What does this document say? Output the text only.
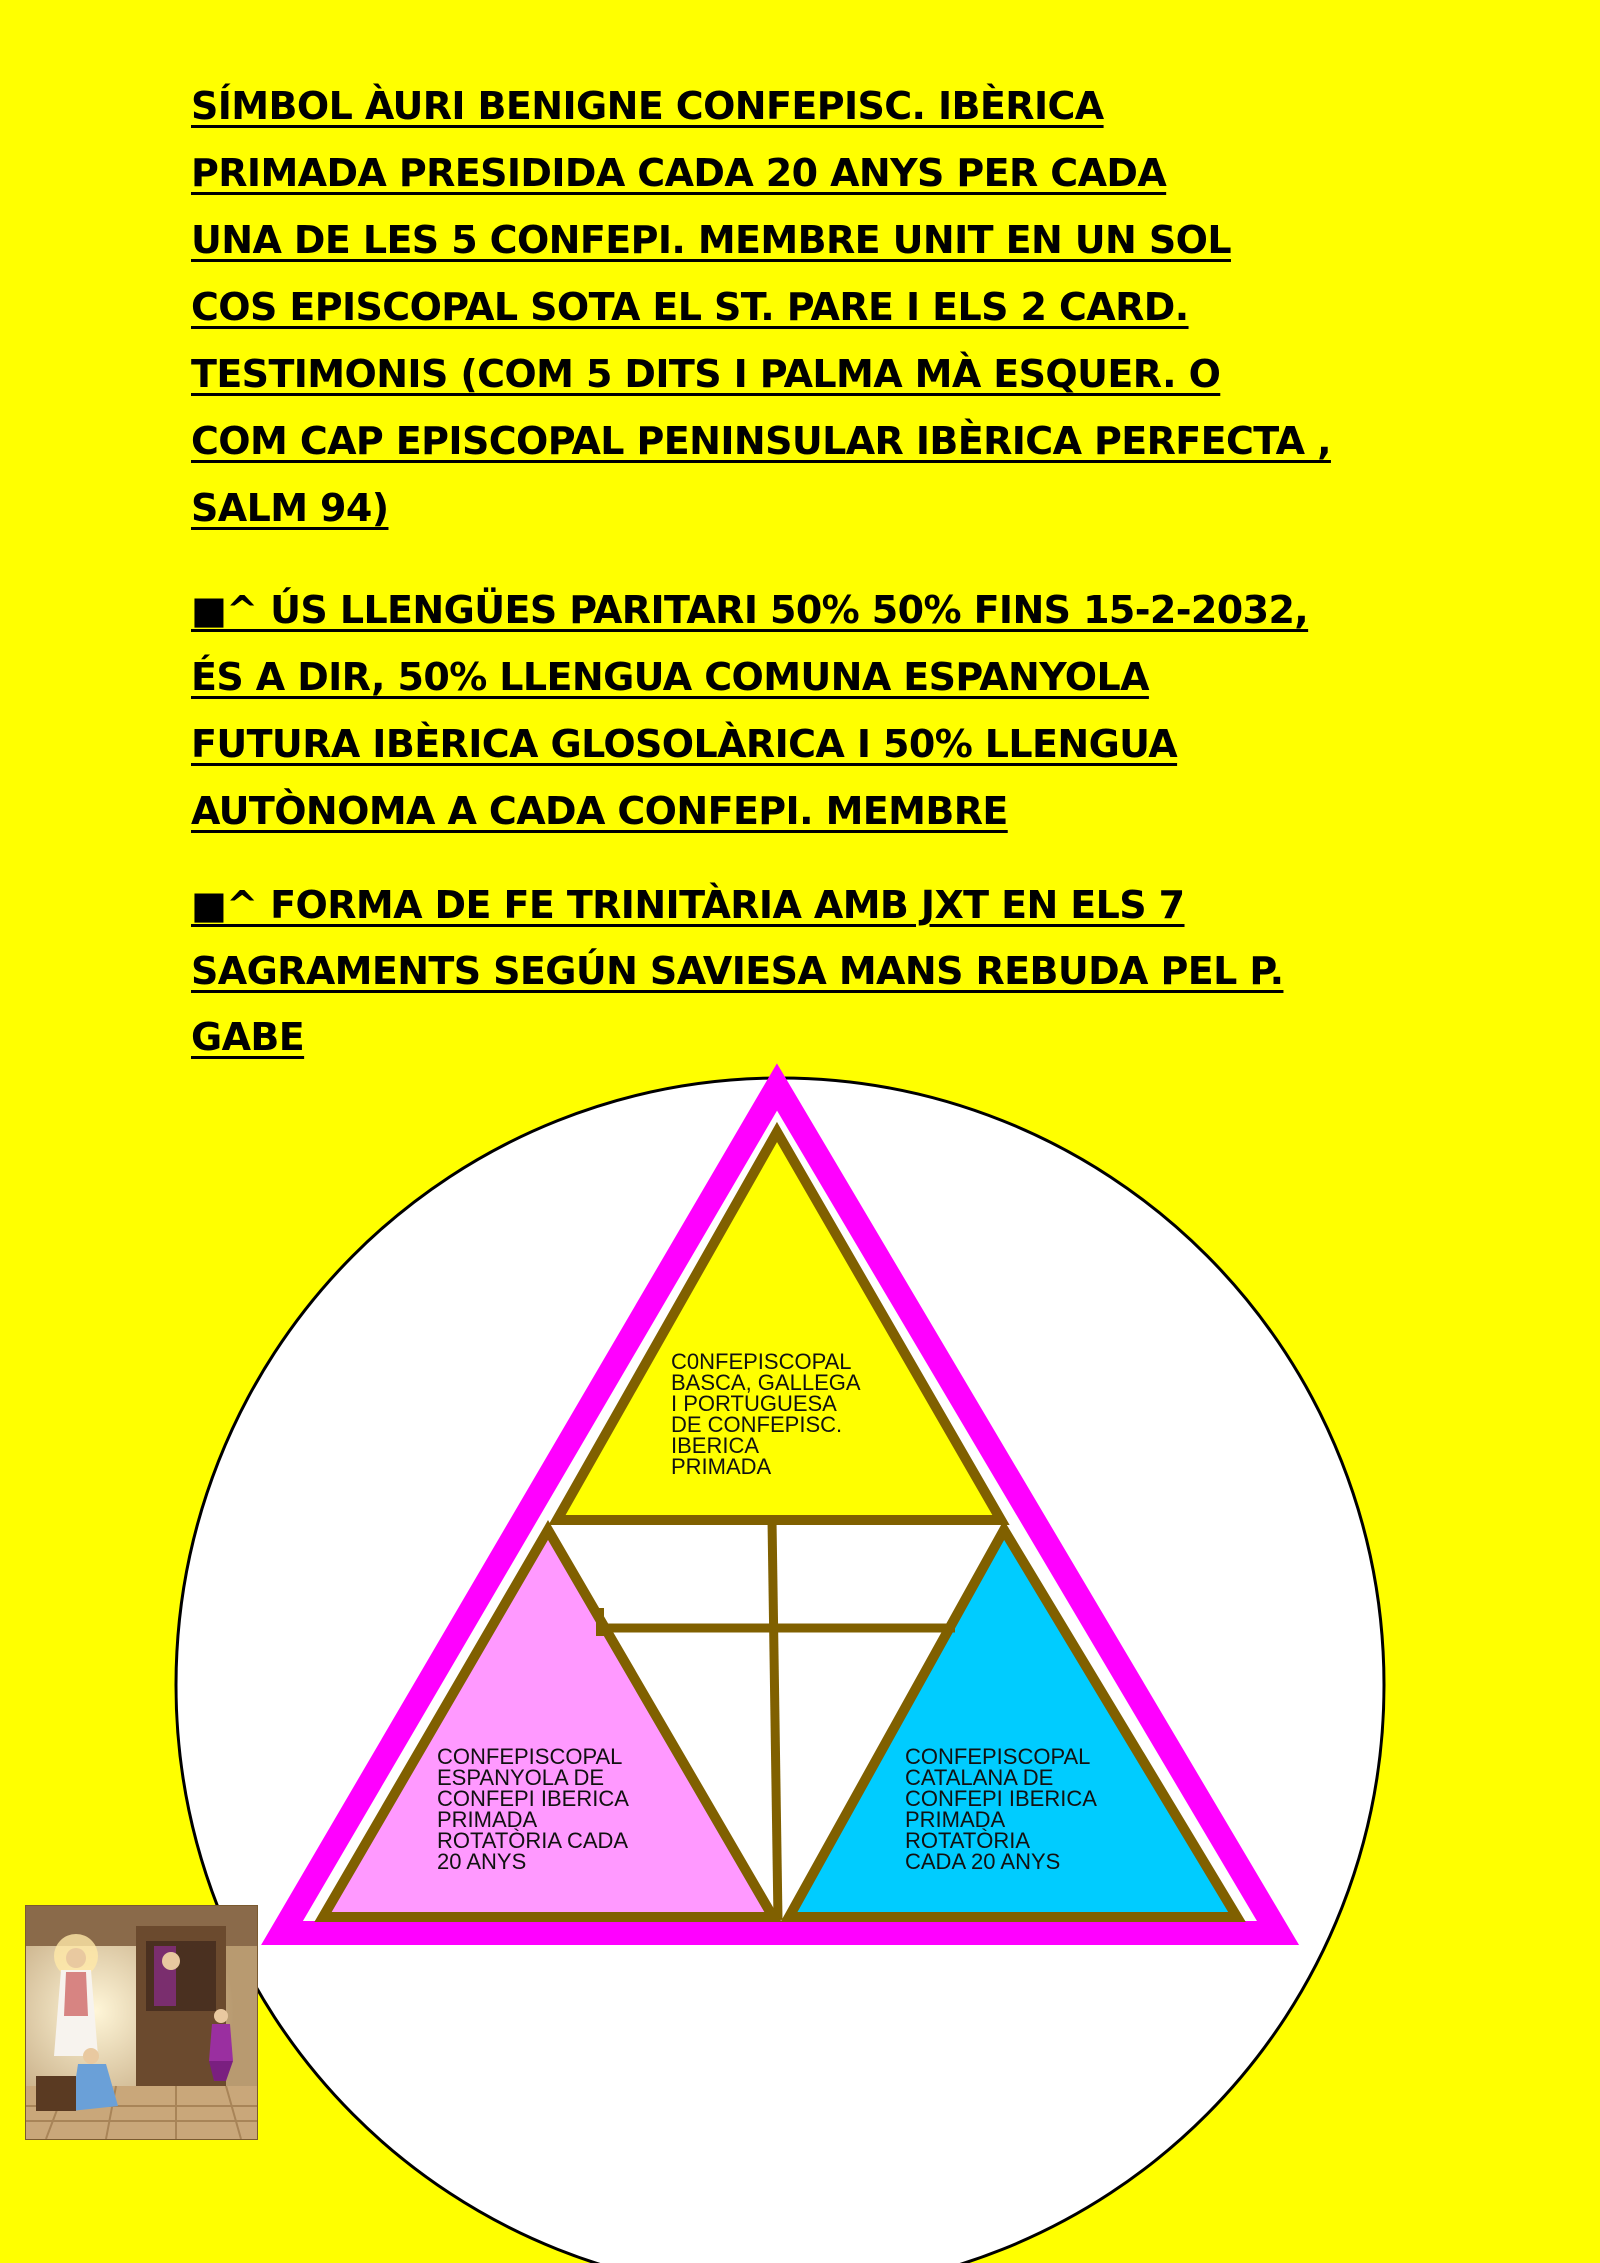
SÍMBOL ÀURI BENIGNE CONFEPISC. IBÈRICA
PRIMADA PRESIDIDA CADA 20 ANYS PER CADA
UNA DE LES 5 CONFEPI. MEMBRE UNIT EN UN SOL
COS EPISCOPAL SOTA EL ST. PARE I ELS 2 CARD.
TESTIMONIS (COM 5 DITS I PALMA MÀ ESQUER. O
COM CAP EPISCOPAL PENINSULAR IBÈRICA PERFECTA ,
SALM 94)
■^ ÚS LLENGÜES PARITARI 50% 50% FINS 15-2-2032,
ÉS A DIR, 50% LLENGUA COMUNA ESPANYOLA
FUTURA IBÈRICA GLOSOLÀRICA I 50% LLENGUA
AUTÒNOMA A CADA CONFEPI. MEMBRE
■^ FORMA DE FE TRINITÀRIA AMB JXT EN ELS 7
SAGRAMENTS SEGÚN SAVIESA MANS REBUDA PEL P.
GABE
C0NFEPISCOPAL
BASCA, GALLEGA
I PORTUGUESA
DE CONFEPISC.
IBERICA
PRIMADA
CONFEPISCOPAL
ESPANYOLA DE
CONFEPI IBERICA
PRIMADA
ROTATÒRIA CADA
20 ANYS
CONFEPISCOPAL
CATALANA DE
CONFEPI IBERICA
PRIMADA
ROTATÒRIA
CADA 20 ANYS
